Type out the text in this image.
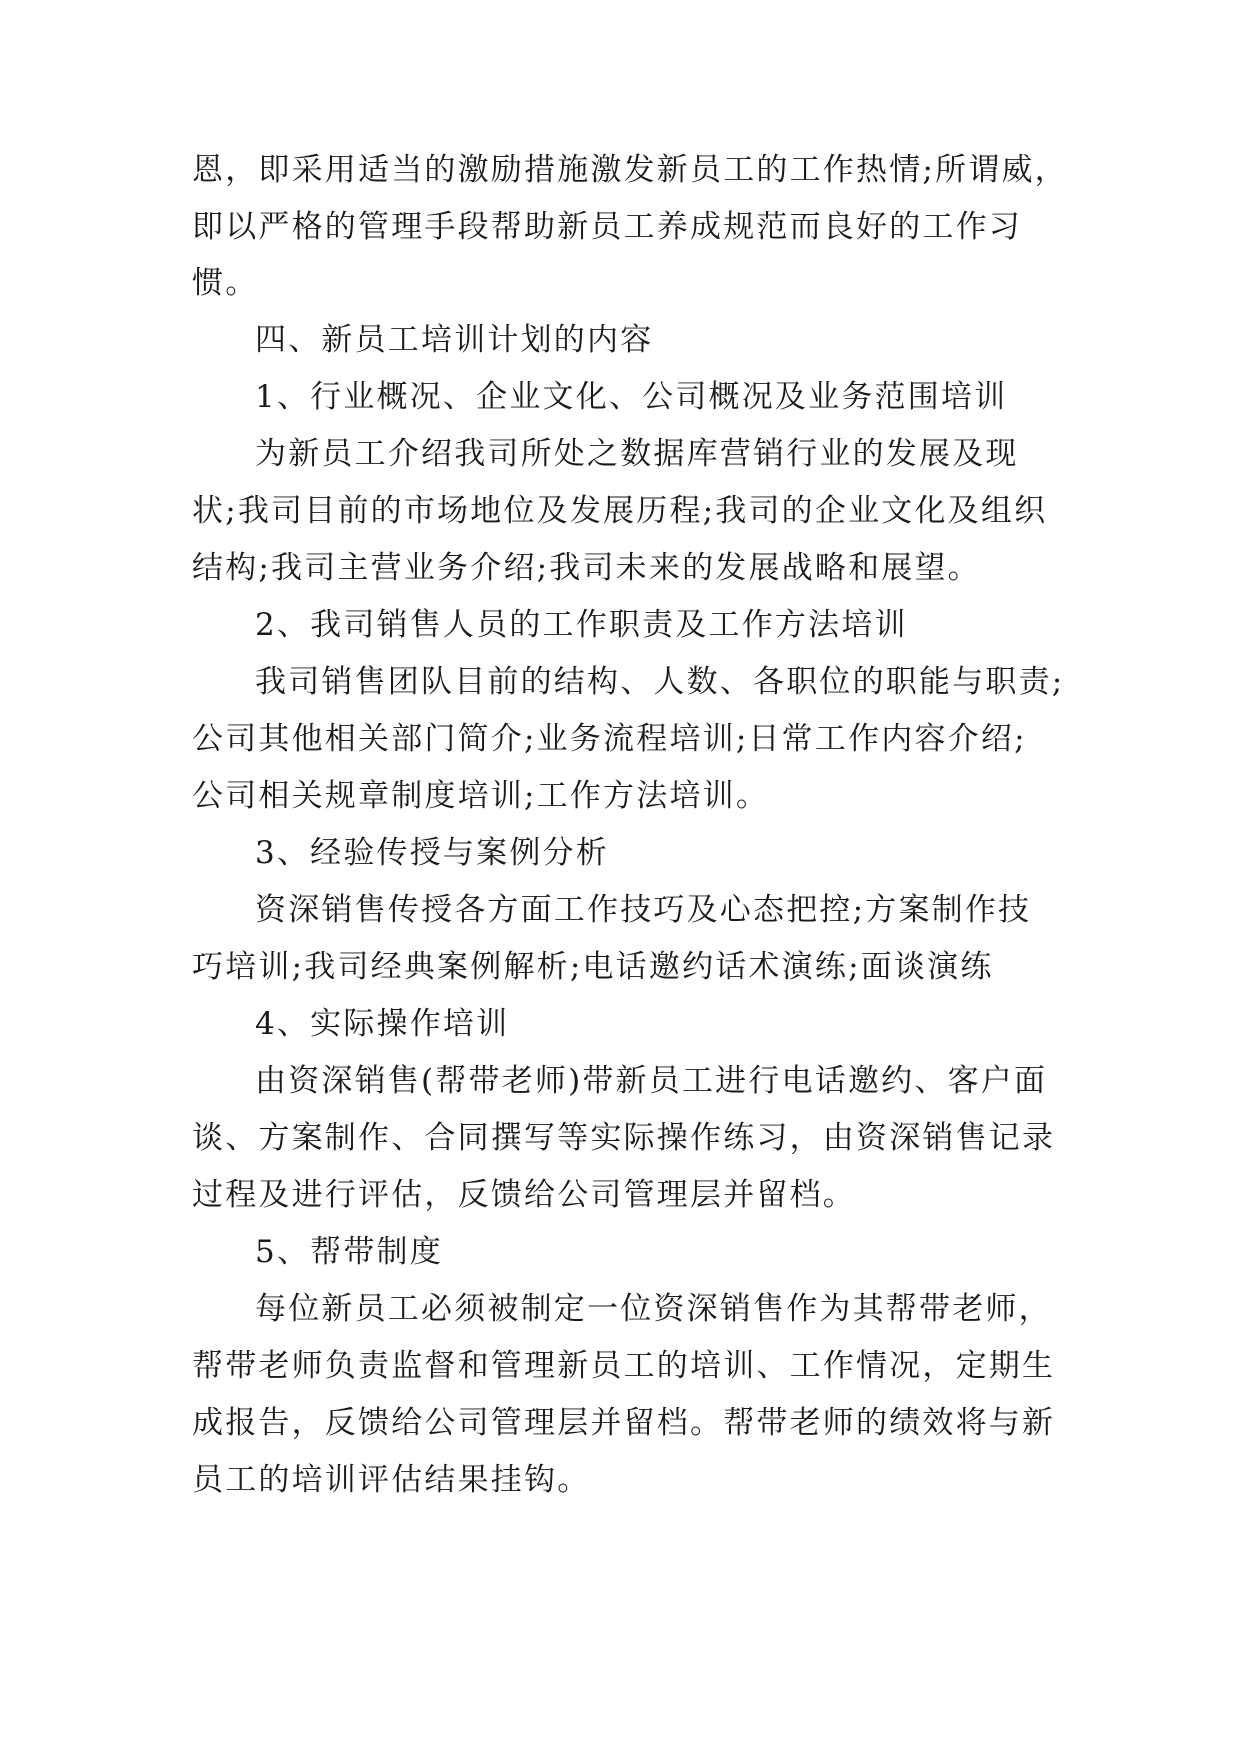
恩，即采用适当的激励措施激发新员工的工作热情;所谓威，
即以严格的管理手段帮助新员工养成规范而良好的工作习
惯。
四、新员工培训计划的内容
1、行业概况、企业文化、公司概况及业务范围培训
为新员工介绍我司所处之数据库营销行业的发展及现
状;我司目前的市场地位及发展历程;我司的企业文化及组织
结构;我司主营业务介绍;我司未来的发展战略和展望。
2、我司销售人员的工作职责及工作方法培训
我司销售团队目前的结构、人数、各职位的职能与职责;
公司其他相关部门简介;业务流程培训;日常工作内容介绍;
公司相关规章制度培训;工作方法培训。
3、经验传授与案例分析
资深销售传授各方面工作技巧及心态把控;方案制作技
巧培训;我司经典案例解析;电话邀约话术演练;面谈演练
4、实际操作培训
由资深销售(帮带老师)带新员工进行电话邀约、客户面
谈、方案制作、合同撰写等实际操作练习，由资深销售记录
过程及进行评估，反馈给公司管理层并留档。
5、帮带制度
每位新员工必须被制定一位资深销售作为其帮带老师，
帮带老师负责监督和管理新员工的培训、工作情况，定期生
成报告，反馈给公司管理层并留档。帮带老师的绩效将与新
员工的培训评估结果挂钩。
